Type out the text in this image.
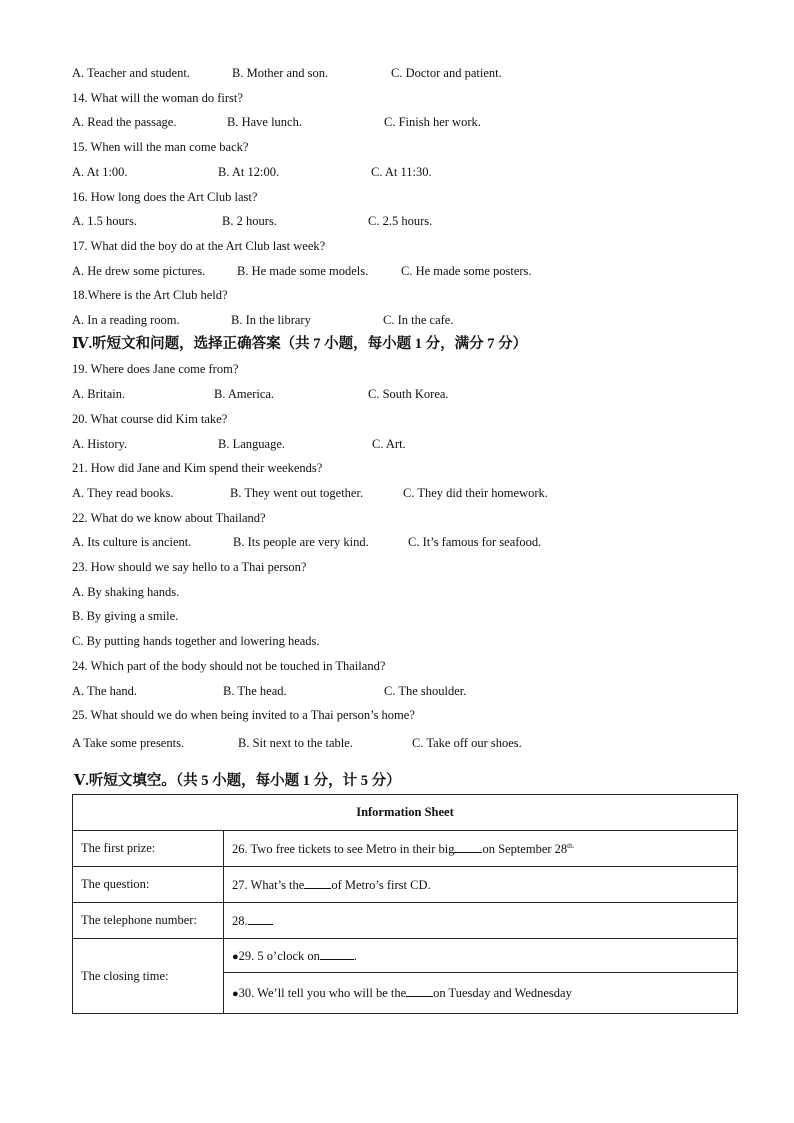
A. Teacher and student.	B. Mother and son.	C. Doctor and patient.
14. What will the woman do first?
A. Read the passage.	B. Have lunch.	C. Finish her work.
15. When will the man come back?
A. At 1:00.	B. At 12:00.	C. At 11:30.
16. How long does the Art Club last?
A. 1.5 hours.	B. 2 hours.	C. 2.5 hours.
17. What did the boy do at the Art Club last week?
A. He drew some pictures.	B. He made some models.	C. He made some posters.
18.Where is the Art Club held?
A. In a reading room.	B. In the library	C. In the cafe.
Ⅳ.听短文和问题，选择正确答案（共 7 小题，每小题 1 分，满分 7 分）
19. Where does Jane come from?
A. Britain.	B. America.	C. South Korea.
20. What course did Kim take?
A. History.	B. Language.	C. Art.
21. How did Jane and Kim spend their weekends?
A. They read books.	B. They went out together.	C. They did their homework.
22. What do we know about Thailand?
A. Its culture is ancient.	B. Its people are very kind.	C. It’s famous for seafood.
23. How should we say hello to a Thai person?
A. By shaking hands.
B. By giving a smile.
C. By putting hands together and lowering heads.
24. Which part of the body should not be touched in Thailand?
A. The hand.	B. The head.	C. The shoulder.
25. What should we do when being invited to a Thai person’s home?
A Take some presents.	B. Sit next to the table.	C. Take off our shoes.
Ⅴ.听短文填空。（共 5 小题，每小题 1 分，计 5 分）
Information Sheet	
The first prize:	26. Two free tickets to see Metro in their big on September $28^{th.}$
The question:	27. What’s the of Metro’s first CD.
The telephone number:	28.
The closing time:	●29. 5 o’clock on .
	●30. We’ll tell you who will be the on Tuesday and Wednesday
